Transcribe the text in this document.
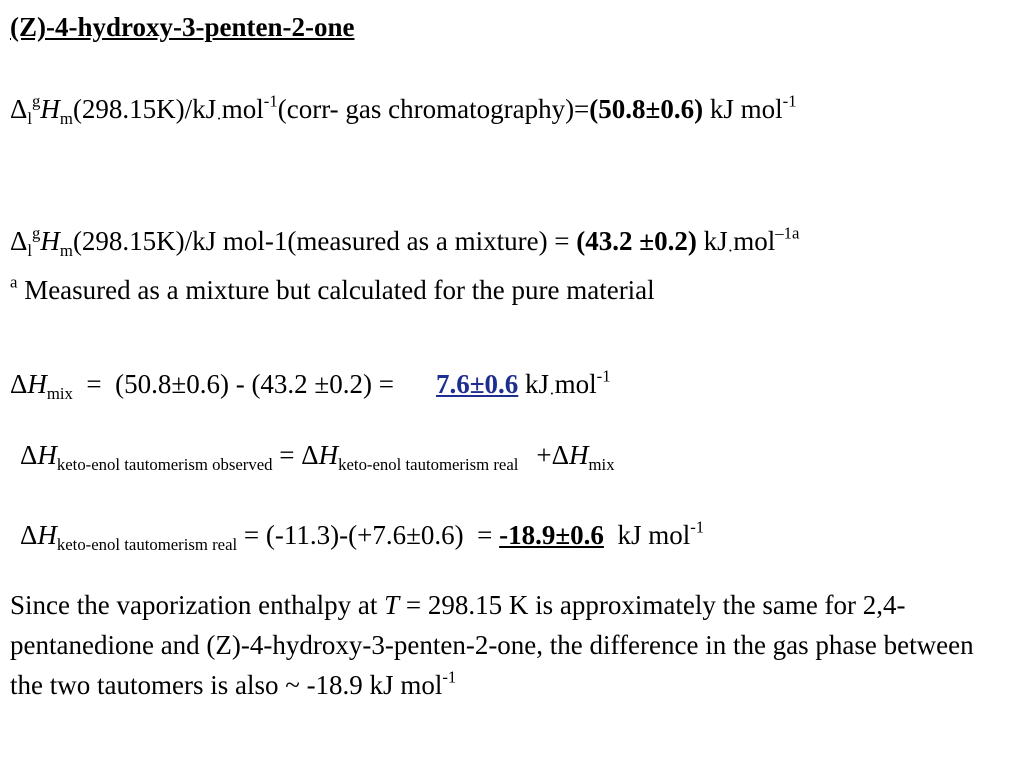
(Z)-4-hydroxy-3-penten-2-one
$\Delta_l^gH_m(298.15K)/kJ_\cdot mol^{-1}(corr-$ gas chromatography)=(50.8±0.6) kJ mol$^{-1}$
$\Delta_l^gH_m(298.15K)/kJ$ mol-1(measured as a mixture) = (43.2 ±0.2) $kJ_\cdot mol^{-1a}$
$^a$ Measured as a mixture but calculated for the pure material
$\Delta H_{mix} = (50.8\pm 0.6) - (43.2 \pm 0.2) = 7.6\pm 0.6$ $kJ_\cdot mol^{-1}$
$\Delta H_{keto-enol tautomerism observed} = \Delta H_{keto-enol tautomerism real} +\Delta H_{mix}$
$\Delta H_{keto-enol tautomerism real} = (-11.3)-(+7.6\pm 0.6) = -18.9\pm 0.6$  kJ mol$^{-1}$
Since the vaporization enthalpy at T = 298.15 K is approximately the same for 2,4-pentanedione and (Z)-4-hydroxy-3-penten-2-one, the difference in the gas phase between the two tautomers is also ~ -18.9 kJ mol$^{-1}$
